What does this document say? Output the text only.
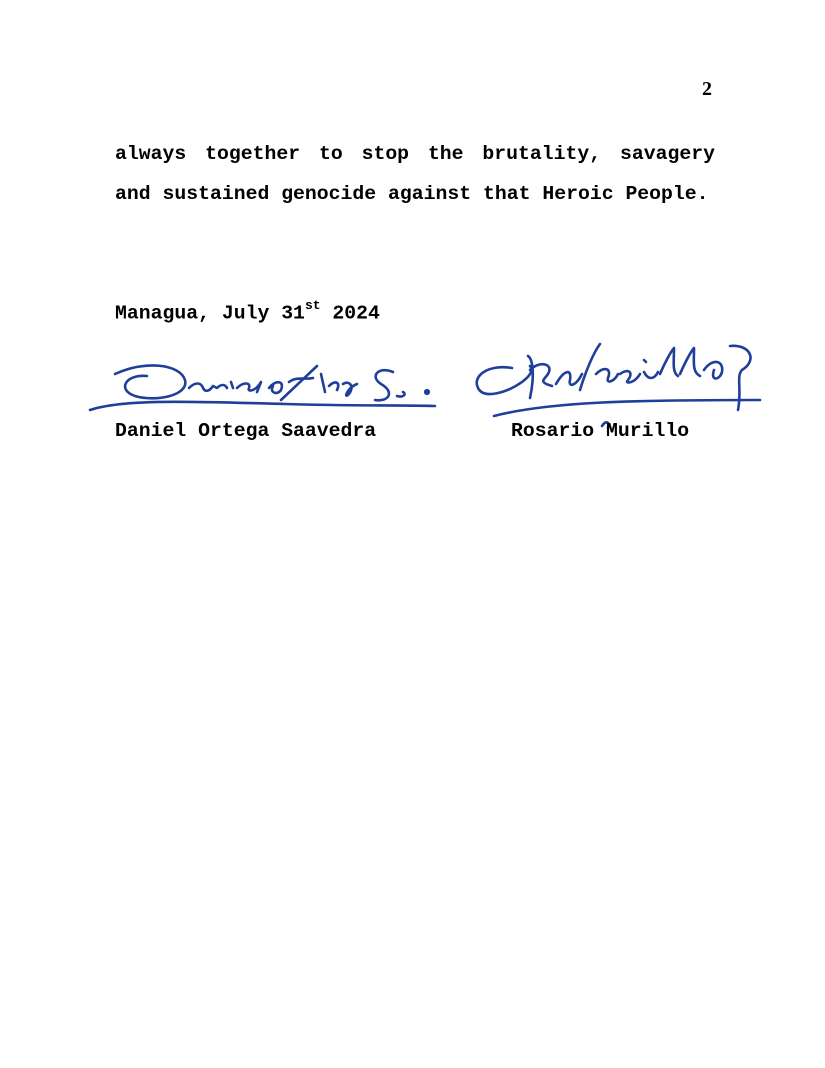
2

always together to stop the brutality, savagery and sustained genocide against that Heroic People.

Managua, July 31st 2024
Daniel Ortega Saavedra	Rosario Murillo
